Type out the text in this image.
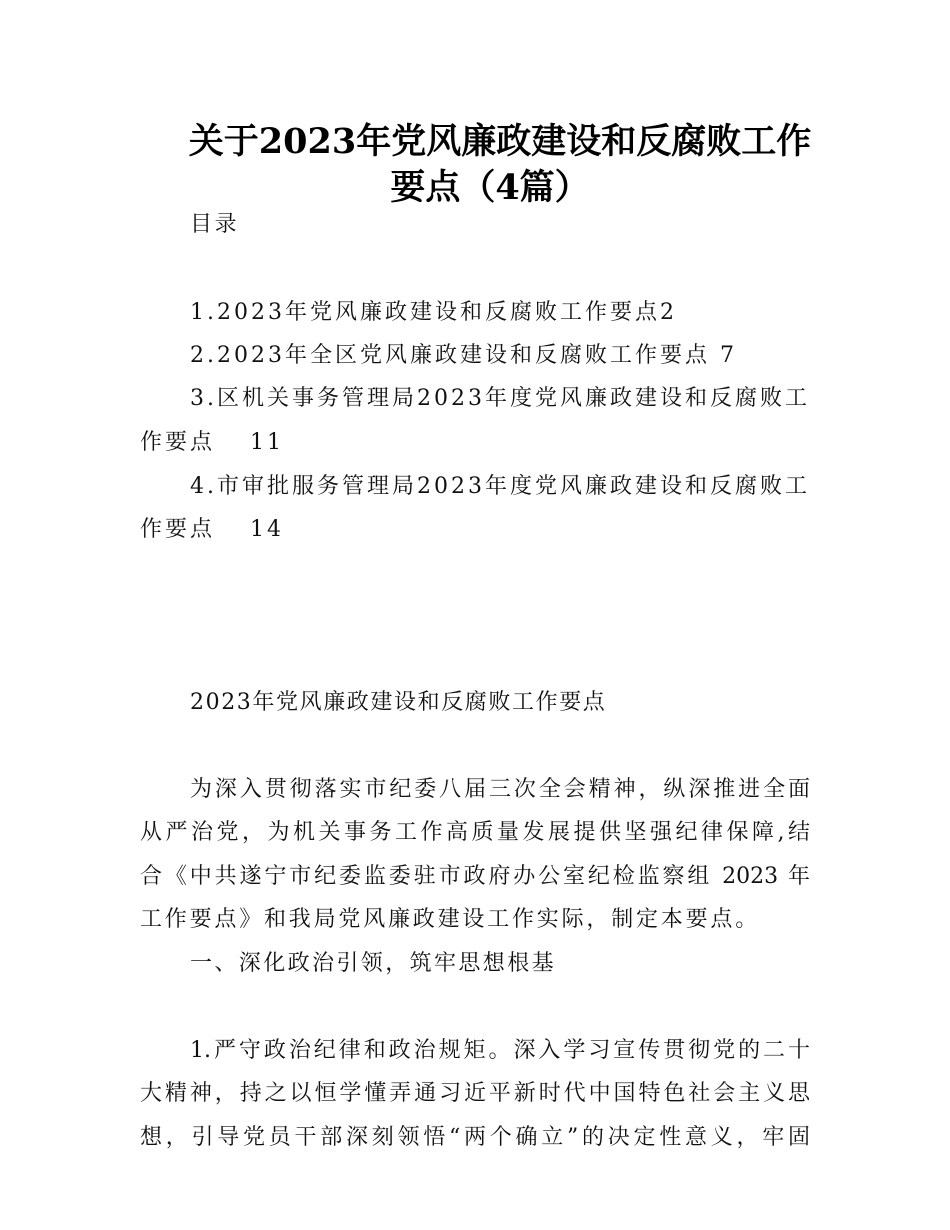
关于2023年党风廉政建设和反腐败工作
要点（4篇）
目录
1.2023年党风廉政建设和反腐败工作要点2
2.2023年全区党风廉政建设和反腐败工作要点 7
3.区机关事务管理局2023年度党风廉政建设和反腐败工
作要点　 11
4.市审批服务管理局2023年度党风廉政建设和反腐败工
作要点　 14
2023年党风廉政建设和反腐败工作要点
为深入贯彻落实市纪委八届三次全会精神，纵深推进全面
从严治党，为机关事务工作高质量发展提供坚强纪律保障,结
合《中共遂宁市纪委监委驻市政府办公室纪检监察组 2023 年
工作要点》和我局党风廉政建设工作实际，制定本要点。
一、深化政治引领，筑牢思想根基
1.严守政治纪律和政治规矩。深入学习宣传贯彻党的二十
大精神，持之以恒学懂弄通习近平新时代中国特色社会主义思
想，引导党员干部深刻领悟“两个确立”的决定性意义，牢固
